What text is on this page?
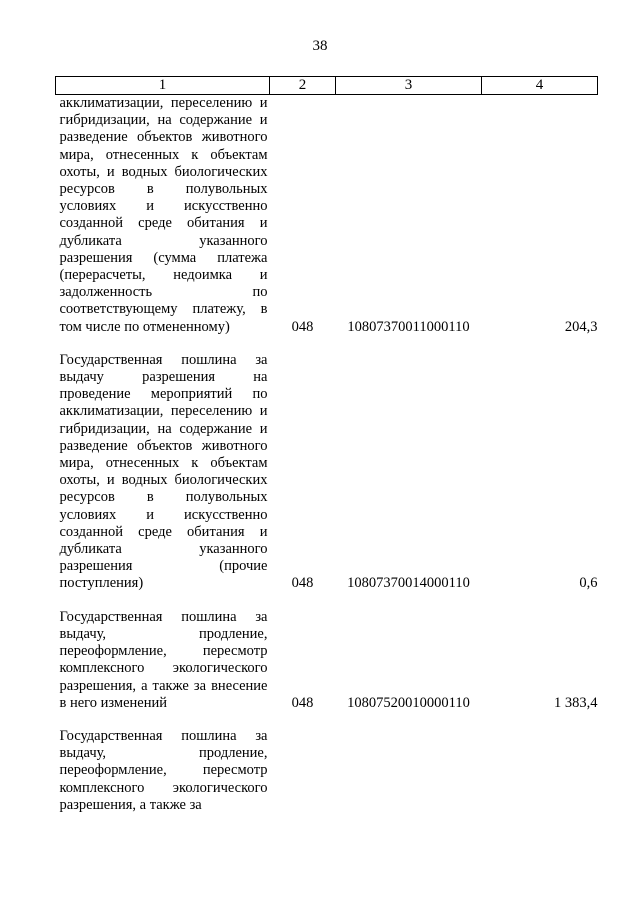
38
1	2	3	4
акклиматизации, переселению и гибридизации, на содержание и разведение объектов животного мира, отнесенных к объектам охоты, и водных биологических ресурсов в полувольных условиях и искусственно созданной среде обитания и дубликата указанного разрешения (сумма платежа (перерасчеты, недоимка и задолженность по соответствующему платежу, в том числе по отмененному)	048	10807370011000110	204,3
Государственная пошлина за выдачу разрешения на проведение мероприятий по акклиматизации, переселению и гибридизации, на содержание и разведение объектов животного мира, отнесенных к объектам охоты, и водных биологических ресурсов в полувольных условиях и искусственно созданной среде обитания и дубликата указанного разрешения (прочие поступления)	048	10807370014000110	0,6
Государственная пошлина за выдачу, продление, переоформление, пересмотр комплексного экологического разрешения, а также за внесение в него изменений	048	10807520010000110	1 383,4
Государственная пошлина за выдачу, продление, переоформление, пересмотр комплексного экологического разрешения, а также за			
